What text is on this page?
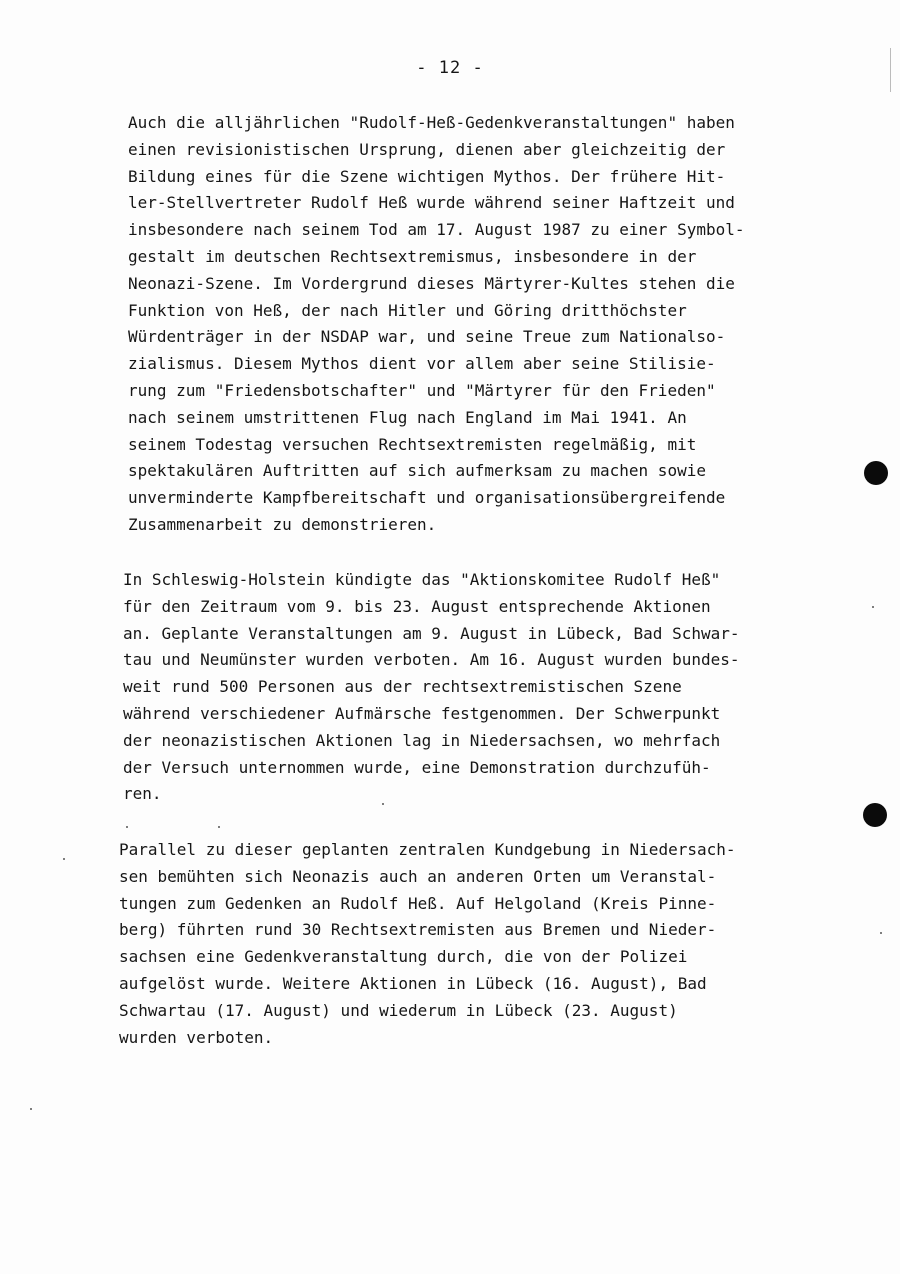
- 12 -
Auch die alljährlichen "Rudolf-Heß-Gedenkveranstaltungen" haben
einen revisionistischen Ursprung, dienen aber gleichzeitig der
Bildung eines für die Szene wichtigen Mythos. Der frühere Hit-
ler-Stellvertreter Rudolf Heß wurde während seiner Haftzeit und
insbesondere nach seinem Tod am 17. August 1987 zu einer Symbol-
gestalt im deutschen Rechtsextremismus, insbesondere in der
Neonazi-Szene. Im Vordergrund dieses Märtyrer-Kultes stehen die
Funktion von Heß, der nach Hitler und Göring dritthöchster
Würdenträger in der NSDAP war, und seine Treue zum Nationalso-
zialismus. Diesem Mythos dient vor allem aber seine Stilisie-
rung zum "Friedensbotschafter" und "Märtyrer für den Frieden"
nach seinem umstrittenen Flug nach England im Mai 1941. An
seinem Todestag versuchen Rechtsextremisten regelmäßig, mit
spektakulären Auftritten auf sich aufmerksam zu machen sowie
unverminderte Kampfbereitschaft und organisationsübergreifende
Zusammenarbeit zu demonstrieren.
In Schleswig-Holstein kündigte das "Aktionskomitee Rudolf Heß"
für den Zeitraum vom 9. bis 23. August entsprechende Aktionen
an. Geplante Veranstaltungen am 9. August in Lübeck, Bad Schwar-
tau und Neumünster wurden verboten. Am 16. August wurden bundes-
weit rund 500 Personen aus der rechtsextremistischen Szene
während verschiedener Aufmärsche festgenommen. Der Schwerpunkt
der neonazistischen Aktionen lag in Niedersachsen, wo mehrfach
der Versuch unternommen wurde, eine Demonstration durchzufüh-
ren.
Parallel zu dieser geplanten zentralen Kundgebung in Niedersach-
sen bemühten sich Neonazis auch an anderen Orten um Veranstal-
tungen zum Gedenken an Rudolf Heß. Auf Helgoland (Kreis Pinne-
berg) führten rund 30 Rechtsextremisten aus Bremen und Nieder-
sachsen eine Gedenkveranstaltung durch, die von der Polizei
aufgelöst wurde. Weitere Aktionen in Lübeck (16. August), Bad
Schwartau (17. August) und wiederum in Lübeck (23. August)
wurden verboten.
